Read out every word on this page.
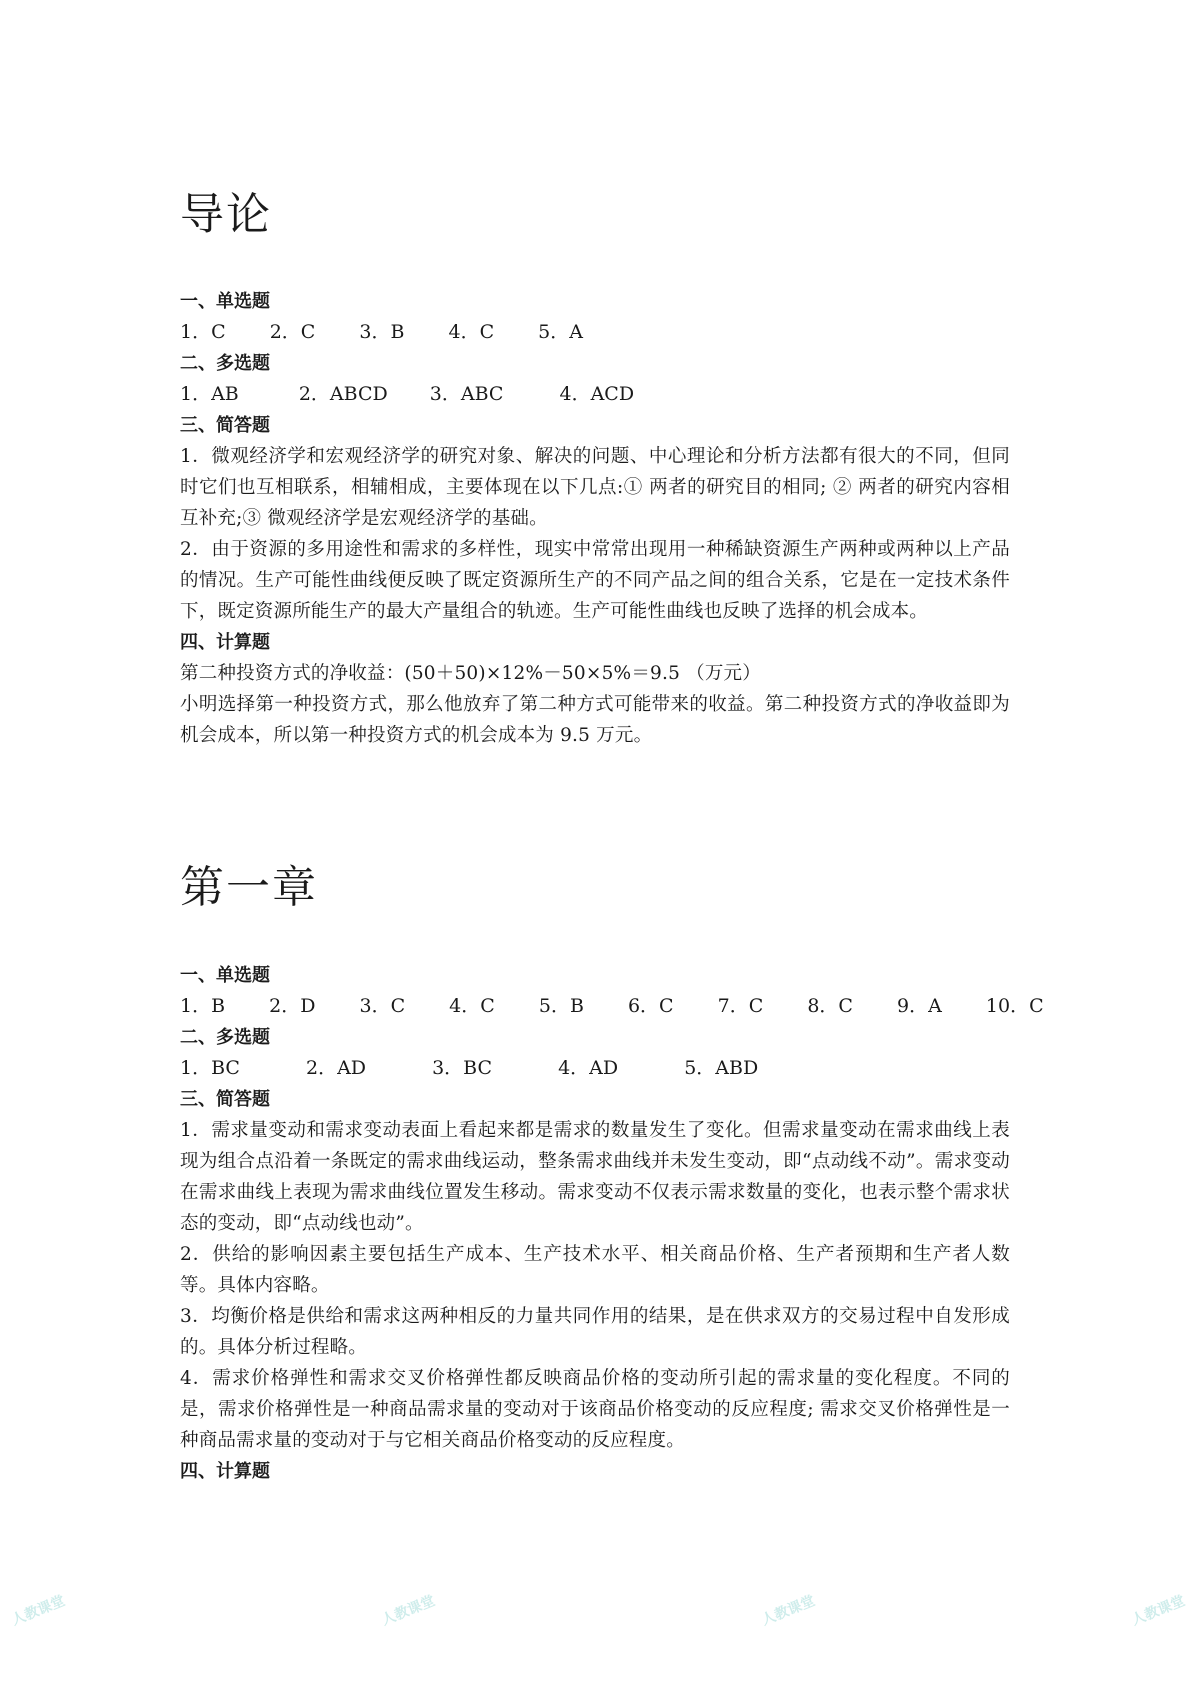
导论
一、单选题
1．C 2．C 3．B 4．C 5．A
二、多选题
1．AB	2．ABCD 3．ABC	4．ACD
三、简答题

1．微观经济学和宏观经济学的研究对象、解决的问题、中心理论和分析方法都有很大的不同，但同时它们也互相联系，相辅相成，主要体现在以下几点:① 两者的研究目的相同; ② 两者的研究内容相互补充;③ 微观经济学是宏观经济学的基础。

2．由于资源的多用途性和需求的多样性，现实中常常出现用一种稀缺资源生产两种或两种以上产品的情况。生产可能性曲线便反映了既定资源所生产的不同产品之间的组合关系，它是在一定技术条件下，既定资源所能生产的最大产量组合的轨迹。生产可能性曲线也反映了选择的机会成本。

四、计算题

第二种投资方式的净收益：(50＋50)×12%－50×5%＝9.5 （万元）

小明选择第一种投资方式，那么他放弃了第二种方式可能带来的收益。第二种投资方式的净收益即为机会成本，所以第一种投资方式的机会成本为 9.5 万元。

第一章
一、单选题
1．B 2．D 3．C 4．C 5．B 6．C 7．C 8．C 9．A 10．C
二、多选题
1．BC	2．AD	3．BC	4．AD	5．ABD
三、简答题

1．需求量变动和需求变动表面上看起来都是需求的数量发生了变化。但需求量变动在需求曲线上表现为组合点沿着一条既定的需求曲线运动，整条需求曲线并未发生变动，即“点动线不动”。需求变动在需求曲线上表现为需求曲线位置发生移动。需求变动不仅表示需求数量的变化，也表示整个需求状态的变动，即“点动线也动”。

2．供给的影响因素主要包括生产成本、生产技术水平、相关商品价格、生产者预期和生产者人数等。具体内容略。

3．均衡价格是供给和需求这两种相反的力量共同作用的结果，是在供求双方的交易过程中自发形成的。具体分析过程略。

4．需求价格弹性和需求交叉价格弹性都反映商品价格的变动所引起的需求量的变化程度。不同的是，需求价格弹性是一种商品需求量的变动对于该商品价格变动的反应程度; 需求交叉价格弹性是一种商品需求量的变动对于与它相关商品价格变动的反应程度。

四、计算题
人教课堂	人教课堂	人教课堂	人教课堂
